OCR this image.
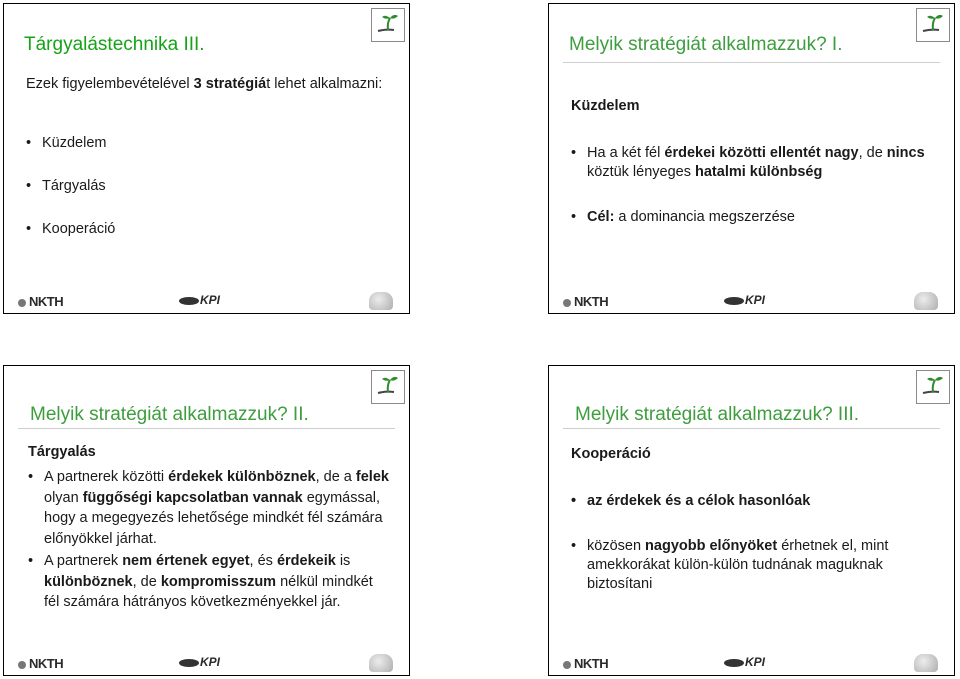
Tárgyalástechnika III.
Ezek figyelembevételével 3 stratégiát lehet alkalmazni:
• Küzdelem
• Tárgyalás
• Kooperáció
NKTH	KPI
Melyik stratégiát alkalmazzuk? I.
Küzdelem
• Ha a két fél érdekei közötti ellentét nagy, de nincs köztük lényeges hatalmi különbség
• Cél: a dominancia megszerzése
NKTH	KPI
Melyik stratégiát alkalmazzuk? II.
Tárgyalás
• A partnerek közötti érdekek különböznek, de a felek olyan függőségi kapcsolatban vannak egymással, hogy a megegyezés lehetősége mindkét fél számára előnyökkel járhat.
• A partnerek nem értenek egyet, és érdekeik is különböznek, de kompromisszum nélkül mindkét fél számára hátrányos következményekkel jár.
NKTH	KPI
Melyik stratégiát alkalmazzuk? III.
Kooperáció
• az érdekek és a célok hasonlóak
• közösen nagyobb előnyöket érhetnek el, mint amekkorákat külön-külön tudnának maguknak biztosítani
NKTH	KPI
